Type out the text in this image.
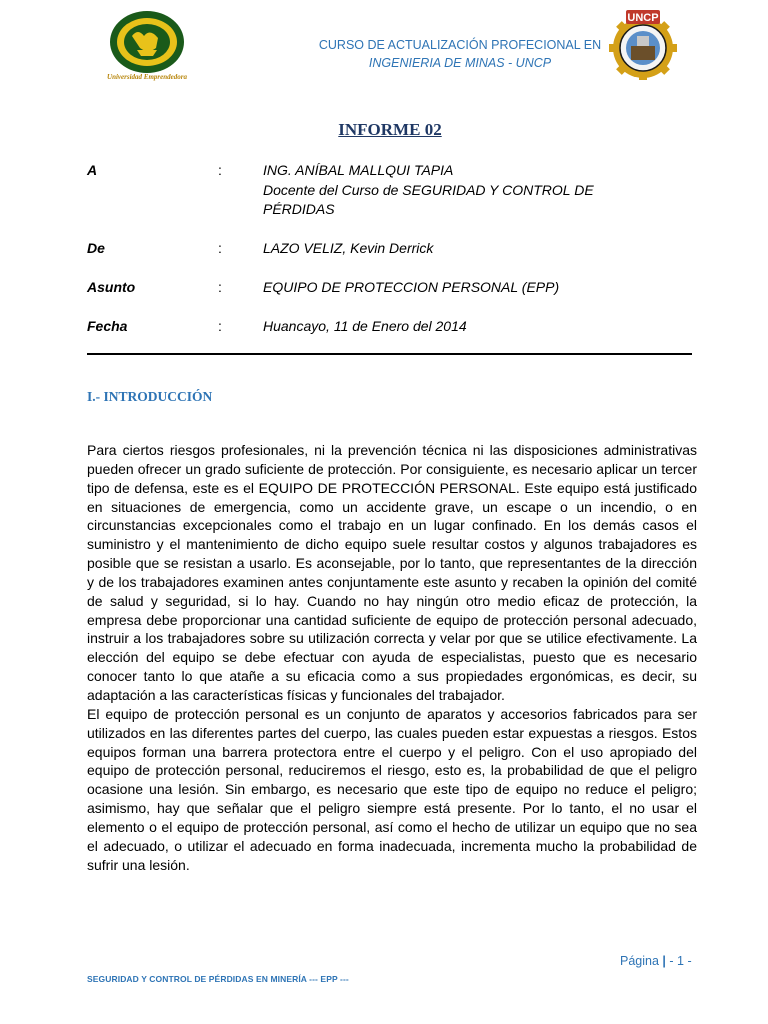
Universidad Emprendedora
UNCP
CURSO DE ACTUALIZACIÓN PROFECIONAL EN
INGENIERIA DE MINAS - UNCP
INFORME 02
A	:	ING. ANÍBAL MALLQUI TAPIA
Docente del Curso de SEGURIDAD Y CONTROL DE PÉRDIDAS
De	:	LAZO VELIZ, Kevin Derrick
Asunto	:	EQUIPO DE PROTECCION PERSONAL (EPP)
Fecha	:	Huancayo, 11 de Enero del 2014
I.- INTRODUCCIÓN

Para ciertos riesgos profesionales, ni la prevención técnica ni las disposiciones administrativas pueden ofrecer un grado suficiente de protección. Por consiguiente, es necesario aplicar un tercer tipo de defensa, este es el EQUIPO DE PROTECCIÓN PERSONAL. Este equipo está justificado en situaciones de emergencia, como un accidente grave, un escape o un incendio, o en circunstancias excepcionales como el trabajo en un lugar confinado. En los demás casos el suministro y el mantenimiento de dicho equipo suele resultar costos y algunos trabajadores es posible que se resistan a usarlo. Es aconsejable, por lo tanto, que representantes de la dirección y de los trabajadores examinen antes conjuntamente este asunto y recaben la opinión del comité de salud y seguridad, si lo hay. Cuando no hay ningún otro medio eficaz de protección, la empresa debe proporcionar una cantidad suficiente de equipo de protección personal adecuado, instruir a los trabajadores sobre su utilización correcta y velar por que se utilice efectivamente. La elección del equipo se debe efectuar con ayuda de especialistas, puesto que es necesario conocer tanto lo que atañe a su eficacia como a sus propiedades ergonómicas, es decir, su adaptación a las características físicas y funcionales del trabajador.

El equipo de protección personal es un conjunto de aparatos y accesorios fabricados para ser utilizados en las diferentes partes del cuerpo, las cuales pueden estar expuestas a riesgos. Estos equipos forman una barrera protectora entre el cuerpo y el peligro. Con el uso apropiado del equipo de protección personal, reduciremos el riesgo, esto es, la probabilidad de que el peligro ocasione una lesión. Sin embargo, es necesario que este tipo de equipo no reduce el peligro; asimismo, hay que señalar que el peligro siempre está presente. Por lo tanto, el no usar el elemento o el equipo de protección personal, así como el hecho de utilizar un equipo que no sea el adecuado, o utilizar el adecuado en forma inadecuada, incrementa mucho la probabilidad de sufrir una lesión.

Página | - 1 -
SEGURIDAD Y CONTROL DE PÉRDIDAS EN MINERÍA --- EPP ---
